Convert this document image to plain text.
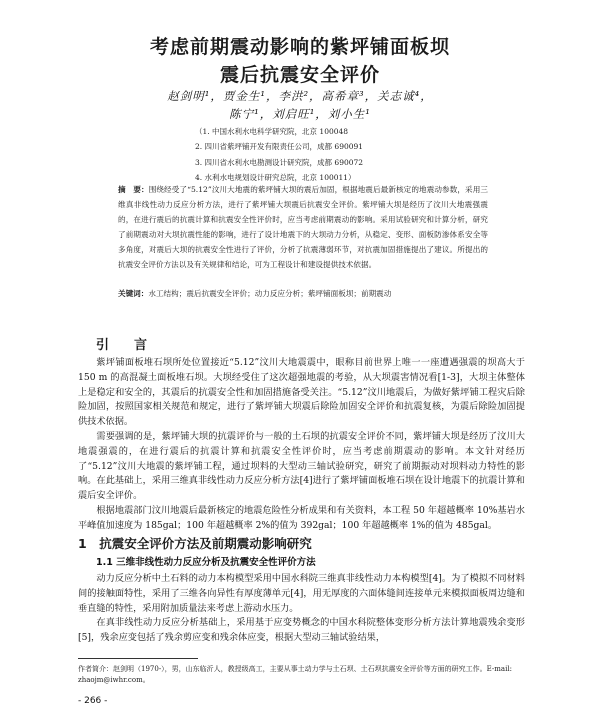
考虑前期震动影响的紫坪铺面板坝
震后抗震安全评价
赵剑明¹，贾金生¹，李洪²，高希章³，关志诚⁴，
陈宁¹，刘启旺¹，刘小生¹
（1. 中国水利水电科学研究院，北京 100048
2. 四川省紫坪铺开发有限责任公司，成都 690091
3. 四川省水利水电勘测设计研究院，成都 690072
4. 水利水电规划设计研究总院，北京 100011）
摘　要：围绕经受了“5.12”汶川大地震的紫坪铺大坝的震后加固，根据地震后最新核定的地震动参数，采用三维真非线性动力反应分析方法，进行了紫坪铺大坝震后抗震安全评价。紫坪铺大坝是经历了汶川大地震强震的，在进行震后的抗震计算和抗震安全性评价时，应当考虑前期震动的影响。采用试验研究和计算分析，研究了前期震动对大坝抗震性能的影响，进行了设计地震下的大坝动力分析，从稳定、变形、面板防渗体系安全等多角度，对震后大坝的抗震安全性进行了评价，分析了抗震薄弱环节，对抗震加固措施提出了建议。所提出的抗震安全评价方法以及有关规律和结论，可为工程设计和建设提供技术依据。
关键词：水工结构；震后抗震安全评价；动力反应分析；紫坪铺面板坝；前期震动
引　言

紫坪铺面板堆石坝所处位置接近“5.12”汶川大地震震中，眼称目前世界上唯一一座遭遇强震的坝高大于 150 m 的高混凝土面板堆石坝。大坝经受住了这次超强地震的考验，从大坝震害情况看[1-3]，大坝主体整体上是稳定和安全的，其震后的抗震安全性和加固措施备受关注。“5.12”汶川地震后，为做好紫坪铺工程灾后除险加固，按照国家相关规范和规定，进行了紫坪铺大坝震后除险加固安全评价和抗震复核，为震后除险加固提供技术依据。

需要强调的是，紫坪铺大坝的抗震评价与一般的土石坝的抗震安全评价不同，紫坪铺大坝是经历了汶川大地震强震的，在进行震后的抗震计算和抗震安全性评价时，应当考虑前期震动的影响。本文针对经历了“5.12”汶川大地震的紫坪铺工程，通过坝料的大型动三轴试验研究，研究了前期振动对坝料动力特性的影响。在此基础上，采用三维真非线性动力反应分析方法[4]进行了紫坪铺面板堆石坝在设计地震下的抗震计算和震后安全评价。

根据地震部门汶川地震后最新核定的地震危险性分析成果和有关资料，本工程 50 年超越概率 10%基岩水平峰值加速度为 185gal；100 年超越概率 2%的值为 392gal；100 年超越概率 1%的值为 485gal。

1　抗震安全评价方法及前期震动影响研究
1.1 三维非线性动力反应分析及抗震安全性评价方法

动力反应分析中土石料的动力本构模型采用中国水科院三维真非线性动力本构模型[4]。为了模拟不同材料间的接触面特性，采用了三维各向异性有厚度薄单元[4]，用无厚度的六面体缝间连接单元来模拟面板周边缝和垂直缝的特性，采用附加质量法来考虑上游动水压力。

在真非线性动力反应分析基础上，采用基于应变势概念的中国水科院整体变形分析方法计算地震残余变形[5]，残余应变包括了残余剪应变和残余体应变，根据大型动三轴试验结果，

作者简介：赵剑明（1970-），男，山东临沂人，教授级高工，主要从事土动力学与土石坝、土石坝抗震安全评价等方面的研究工作。E-mail: zhaojm@iwhr.com。
- 266 -
